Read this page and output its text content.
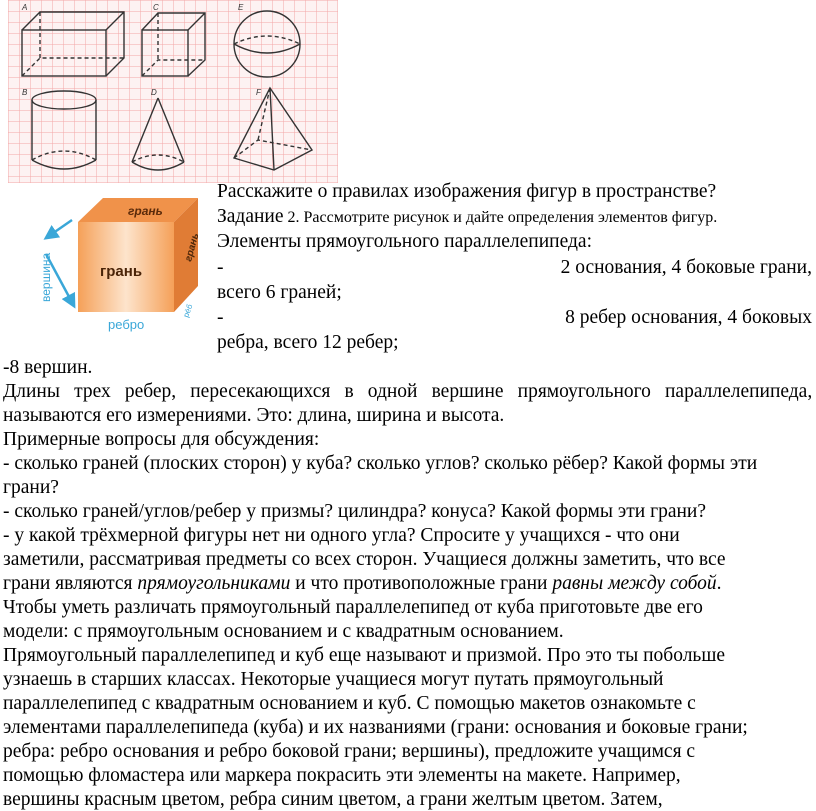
A	C	E
B	D	F
грань
грань
грань
вершина
ребро
рёб
Расскажите о правилах изображения фигур в пространстве?
Задание 2. Рассмотрите рисунок и дайте определения элементов фигур.
Элементы прямоугольного параллелепипеда:
-	2 основания, 4 боковые грани,
всего 6 граней;
-	8 ребер основания, 4 боковых
ребра, всего 12 ребер;
-8 вершин.
Длины трех ребер, пересекающихся в одной вершине прямоугольного параллелепипеда,
называются его измерениями. Это: длина, ширина и высота.
Примерные вопросы для обсуждения:
- сколько граней (плоских сторон) у куба? сколько углов? сколько рёбер? Какой формы эти
грани?
- сколько граней/углов/ребер у призмы? цилиндра? конуса? Какой формы эти грани?
- у какой трёхмерной фигуры нет ни одного угла? Спросите у учащихся - что они
заметили, рассматривая предметы со всех сторон. Учащиеся должны заметить, что все
грани являются прямоугольниками и что противоположные грани равны между собой.
Чтобы уметь различать прямоугольный параллелепипед от куба приготовьте две его
модели: с прямоугольным основанием и с квадратным основанием.
Прямоугольный параллелепипед и куб еще называют и призмой. Про это ты побольше
узнаешь в старших классах. Некоторые учащиеся могут путать прямоугольный
параллелепипед с квадратным основанием и куб. С помощью макетов ознакомьте с
элементами параллелепипеда (куба) и их названиями (грани: основания и боковые грани;
ребра: ребро основания и ребро боковой грани; вершины), предложите учащимся с
помощью фломастера или маркера покрасить эти элементы на макете. Например,
вершины красным цветом, ребра синим цветом, а грани желтым цветом. Затем,
